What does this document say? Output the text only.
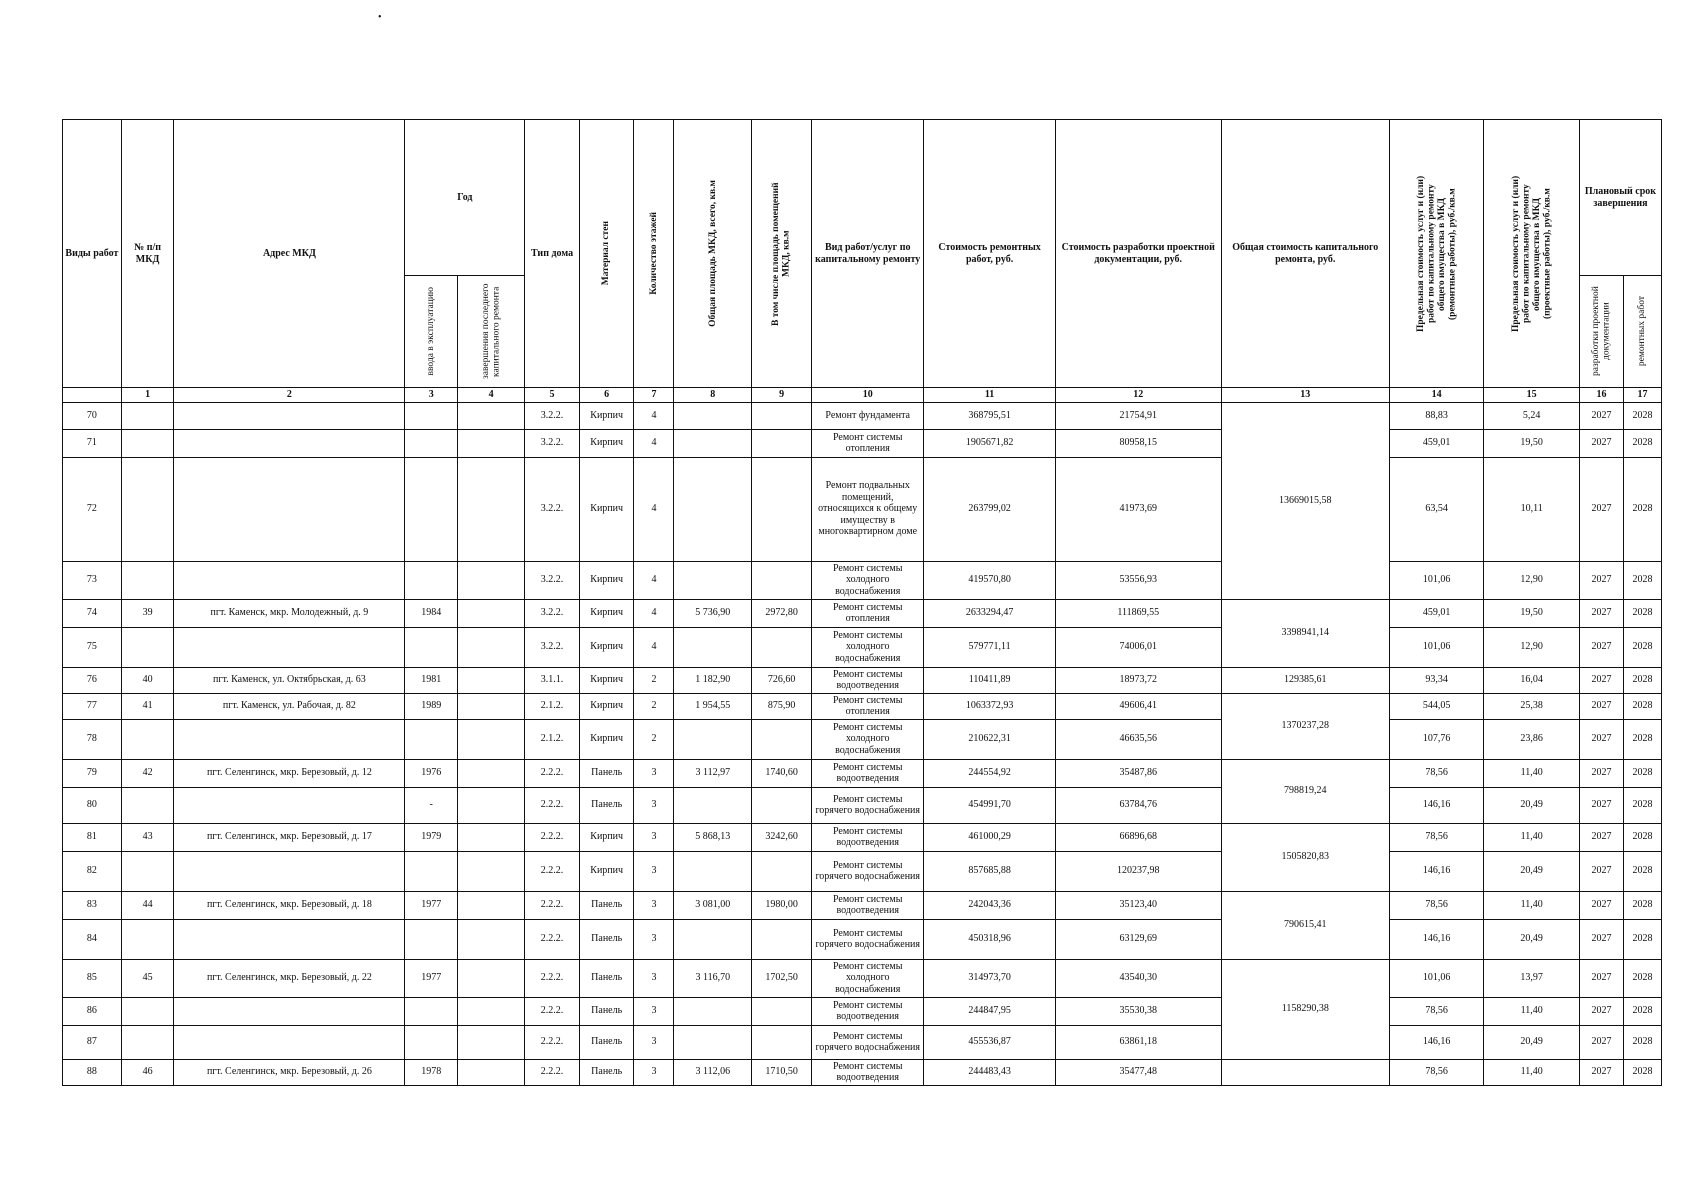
•
Виды работ	№ п/п МКД	Адрес МКД	Год		Тип дома	Материал стен	Количество этажей	Общая площадь МКД, всего, кв.м	В том числе площадь помещений МКД, кв.м	Вид работ/услуг по капитальному ремонту	Стоимость ремонтных работ, руб.	Стоимость разработки проектной документации, руб.	Общая стоимость капитального ремонта, руб.	Предельная стоимость услуг и (или) работ по капитальному ремонту общего имущества в МКД (ремонтные работы), руб./кв.м	Предельная стоимость услуг и (или) работ по капитальному ремонту общего имущества в МКД (проектные работы), руб./кв.м	Плановый срок завершения	

			ввода в эксплуатацию	завершения последнего капитального ремонта												разработки проектной документации	ремонтных работ

	1	2	3	4	5	6	7	8	9	10	11	12	13	14	15	16	17
70					3.2.2.	Кирпич	4			Ремонт фундамента	368795,51	21754,91	13669015,58	88,83	5,24	2027	2028
71					3.2.2.	Кирпич	4			Ремонт системы отопления	1905671,82	80958,15		459,01	19,50	2027	2028
72					3.2.2.	Кирпич	4			Ремонт подвальных помещений, относящихся к общему имуществу в многоквартирном доме	263799,02	41973,69		63,54	10,11	2027	2028
73					3.2.2.	Кирпич	4			Ремонт системы холодного водоснабжения	419570,80	53556,93		101,06	12,90	2027	2028
74	39	пгт. Каменск, мкр. Молодежный, д. 9	1984		3.2.2.	Кирпич	4	5 736,90	2972,80	Ремонт системы отопления	2633294,47	111869,55	3398941,14	459,01	19,50	2027	2028
75					3.2.2.	Кирпич	4			Ремонт системы холодного водоснабжения	579771,11	74006,01		101,06	12,90	2027	2028
76	40	пгт. Каменск, ул. Октябрьская, д. 63	1981		3.1.1.	Кирпич	2	1 182,90	726,60	Ремонт системы водоотведения	110411,89	18973,72	129385,61	93,34	16,04	2027	2028
77	41	пгт. Каменск, ул. Рабочая, д. 82	1989		2.1.2.	Кирпич	2	1 954,55	875,90	Ремонт системы отопления	1063372,93	49606,41	1370237,28	544,05	25,38	2027	2028
78					2.1.2.	Кирпич	2			Ремонт системы холодного водоснабжения	210622,31	46635,56		107,76	23,86	2027	2028
79	42	пгт. Селенгинск, мкр. Березовый, д. 12	1976		2.2.2.	Панель	3	3 112,97	1740,60	Ремонт системы водоотведения	244554,92	35487,86	798819,24	78,56	11,40	2027	2028
80			-		2.2.2.	Панель	3			Ремонт системы горячего водоснабжения	454991,70	63784,76		146,16	20,49	2027	2028
81	43	пгт. Селенгинск, мкр. Березовый, д. 17	1979		2.2.2.	Кирпич	3	5 868,13	3242,60	Ремонт системы водоотведения	461000,29	66896,68	1505820,83	78,56	11,40	2027	2028
82					2.2.2.	Кирпич	3			Ремонт системы горячего водоснабжения	857685,88	120237,98		146,16	20,49	2027	2028
83	44	пгт. Селенгинск, мкр. Березовый, д. 18	1977		2.2.2.	Панель	3	3 081,00	1980,00	Ремонт системы водоотведения	242043,36	35123,40	790615,41	78,56	11,40	2027	2028
84					2.2.2.	Панель	3			Ремонт системы горячего водоснабжения	450318,96	63129,69		146,16	20,49	2027	2028
85	45	пгт. Селенгинск, мкр. Березовый, д. 22	1977		2.2.2.	Панель	3	3 116,70	1702,50	Ремонт системы холодного водоснабжения	314973,70	43540,30	1158290,38	101,06	13,97	2027	2028
86					2.2.2.	Панель	3			Ремонт системы водоотведения	244847,95	35530,38		78,56	11,40	2027	2028
87					2.2.2.	Панель	3			Ремонт системы горячего водоснабжения	455536,87	63861,18		146,16	20,49	2027	2028
88	46	пгт. Селенгинск, мкр. Березовый, д. 26	1978		2.2.2.	Панель	3	3 112,06	1710,50	Ремонт системы водоотведения	244483,43	35477,48		78,56	11,40	2027	2028
